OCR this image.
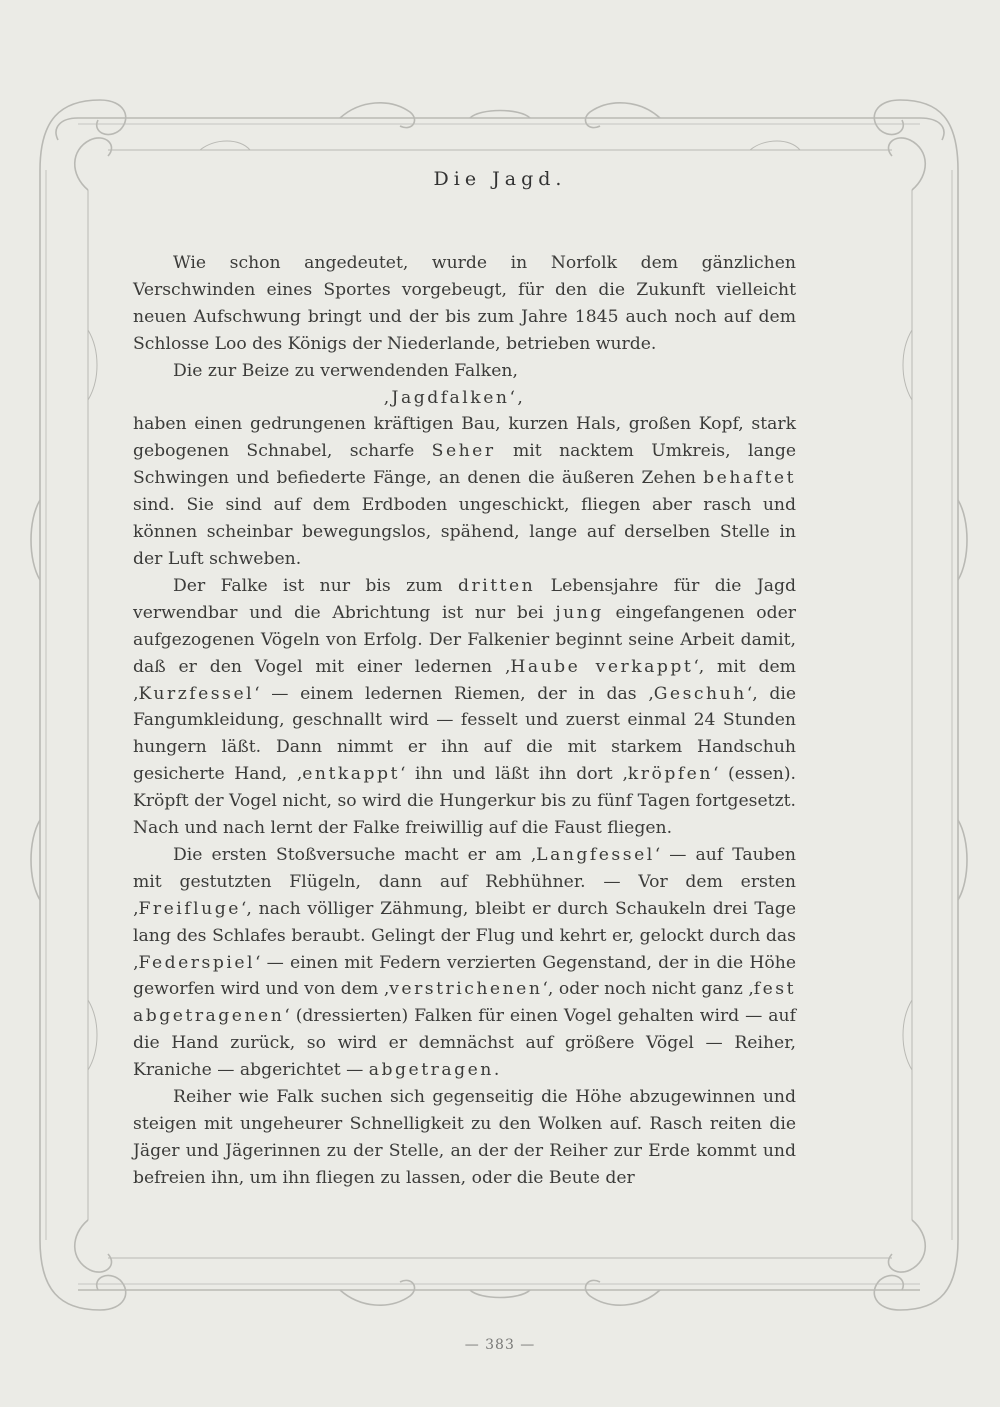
Die Jagd.

Wie schon angedeutet, wurde in Norfolk dem gänzlichen Verschwinden eines Sportes vorgebeugt, für den die Zukunft vielleicht neuen Aufschwung bringt und der bis zum Jahre 1845 auch noch auf dem Schlosse Loo des Königs der Niederlande, betrieben wurde.

Die zur Beize zu verwendenden Falken,

‚Jagdfalken‘,

haben einen gedrungenen kräftigen Bau, kurzen Hals, großen Kopf, stark gebogenen Schnabel, scharfe Seher mit nacktem Umkreis, lange Schwingen und befiederte Fänge, an denen die äußeren Zehen behaftet sind. Sie sind auf dem Erdboden ungeschickt, fliegen aber rasch und können scheinbar bewegungslos, spähend, lange auf derselben Stelle in der Luft schweben.

Der Falke ist nur bis zum dritten Lebensjahre für die Jagd verwendbar und die Abrichtung ist nur bei jung eingefangenen oder aufgezogenen Vögeln von Erfolg. Der Falkenier beginnt seine Arbeit damit, daß er den Vogel mit einer ledernen ‚Haube verkappt‘, mit dem ‚Kurzfessel‘ — einem ledernen Riemen, der in das ‚Geschuh‘, die Fangumkleidung, geschnallt wird — fesselt und zuerst einmal 24 Stunden hungern läßt. Dann nimmt er ihn auf die mit starkem Handschuh gesicherte Hand, ‚entkappt‘ ihn und läßt ihn dort ‚kröpfen‘ (essen). Kröpft der Vogel nicht, so wird die Hungerkur bis zu fünf Tagen fortgesetzt. Nach und nach lernt der Falke freiwillig auf die Faust fliegen.

Die ersten Stoßversuche macht er am ‚Langfessel‘ — auf Tauben mit gestutzten Flügeln, dann auf Rebhühner. — Vor dem ersten ‚Freifluge‘, nach völliger Zähmung, bleibt er durch Schaukeln drei Tage lang des Schlafes beraubt. Gelingt der Flug und kehrt er, gelockt durch das ‚Federspiel‘ — einen mit Federn verzierten Gegenstand, der in die Höhe geworfen wird und von dem ‚verstrichenen‘, oder noch nicht ganz ‚fest abgetragenen‘ (dressierten) Falken für einen Vogel gehalten wird — auf die Hand zurück, so wird er demnächst auf größere Vögel — Reiher, Kraniche — abgerichtet — abgetragen.

Reiher wie Falk suchen sich gegenseitig die Höhe abzugewinnen und steigen mit ungeheurer Schnelligkeit zu den Wolken auf. Rasch reiten die Jäger und Jägerinnen zu der Stelle, an der der Reiher zur Erde kommt und befreien ihn, um ihn fliegen zu lassen, oder die Beute der

— 383 —
